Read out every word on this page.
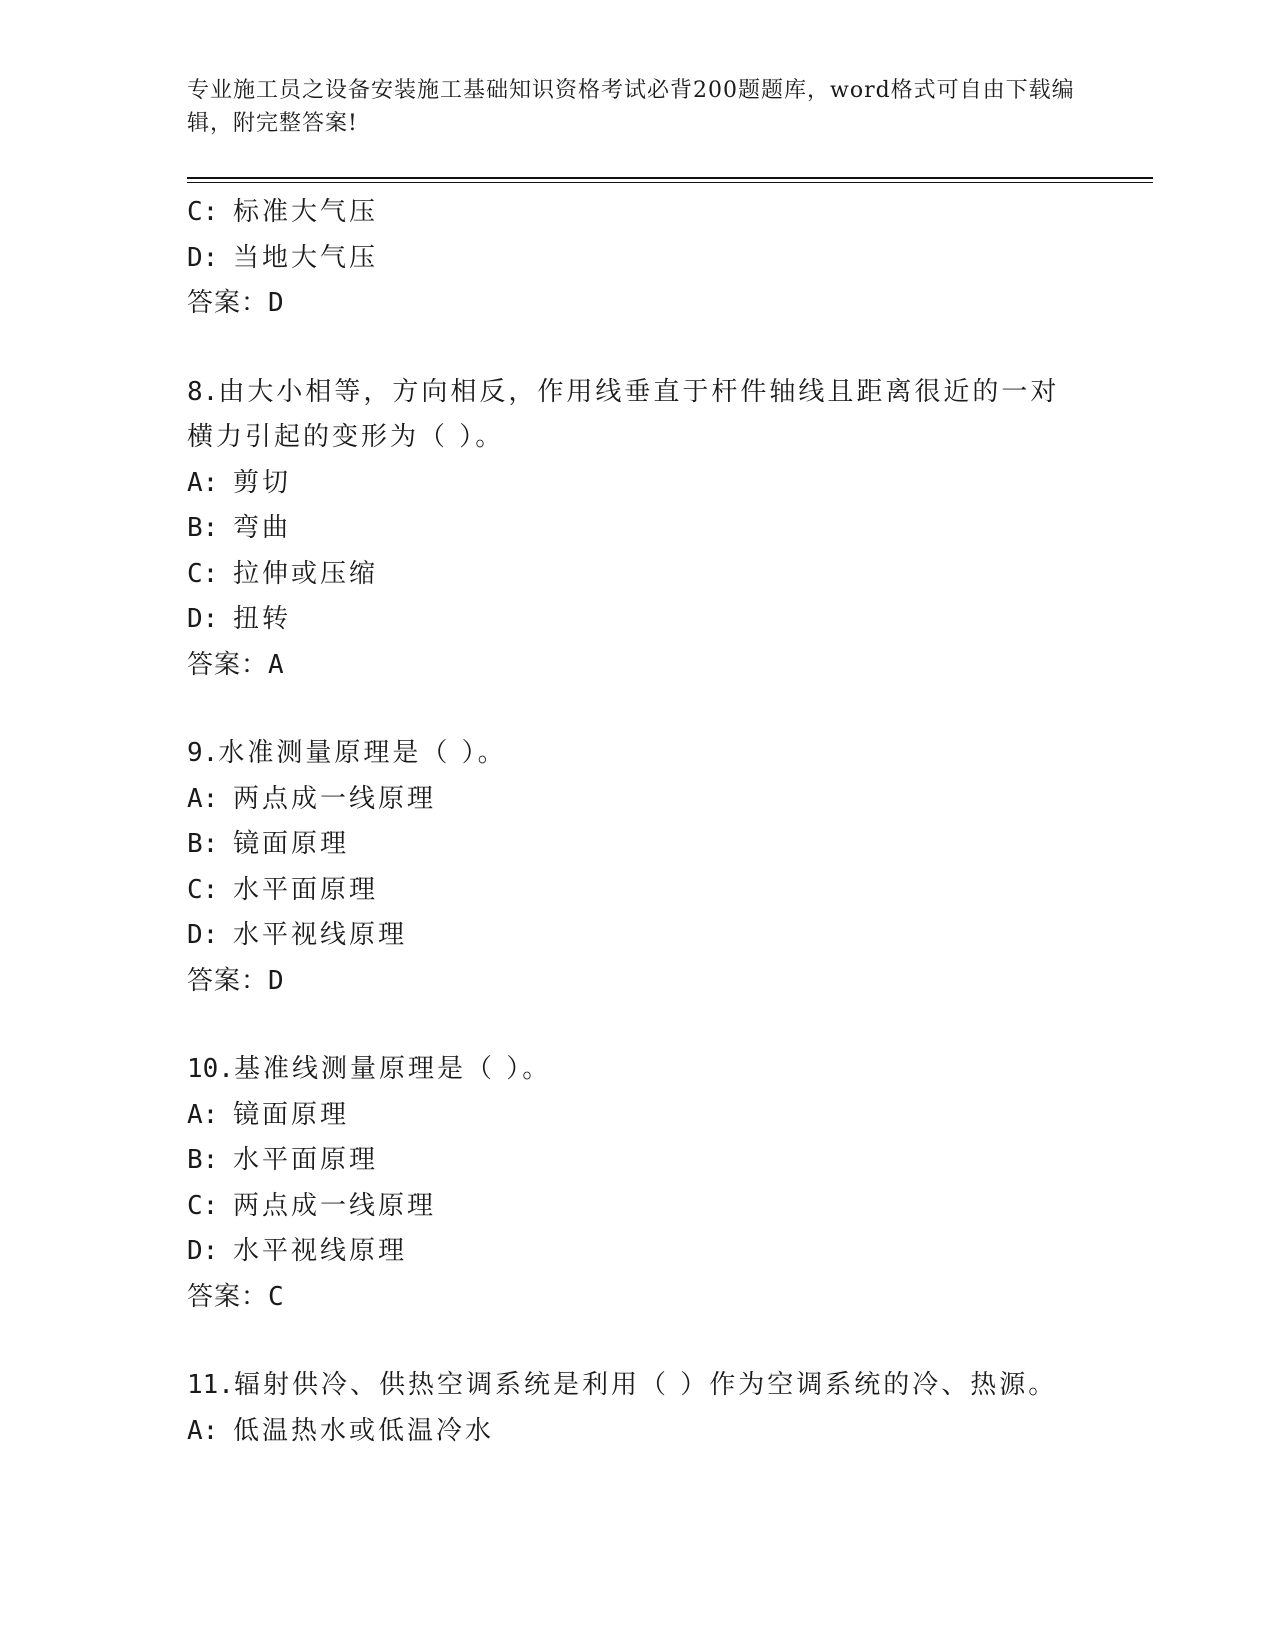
专业施工员之设备安装施工基础知识资格考试必背200题题库，word格式可自由下载编辑，附完整答案!
C: 标准大气压
D: 当地大气压
答案：D
8.由大小相等，方向相反，作用线垂直于杆件轴线且距离很近的一对
横力引起的变形为（ ）。
A: 剪切
B: 弯曲
C: 拉伸或压缩
D: 扭转
答案：A
9.水准测量原理是（ ）。
A: 两点成一线原理
B: 镜面原理
C: 水平面原理
D: 水平视线原理
答案：D
10.基准线测量原理是（ ）。
A: 镜面原理
B: 水平面原理
C: 两点成一线原理
D: 水平视线原理
答案：C
11.辐射供冷、供热空调系统是利用（ ）作为空调系统的冷、热源。
A: 低温热水或低温冷水
